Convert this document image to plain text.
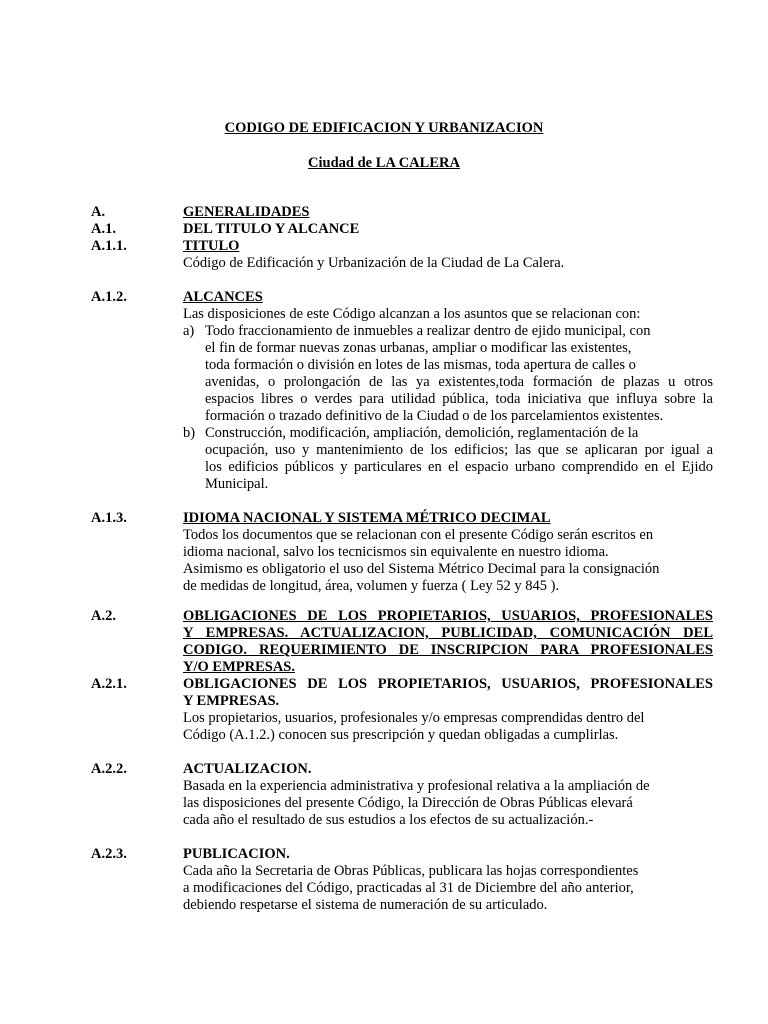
CODIGO DE EDIFICACION Y URBANIZACION
Ciudad de LA CALERA
A.	GENERALIDADES
A.1.	DEL TITULO Y ALCANCE
A.1.1.	TITULO
Código de Edificación y Urbanización de la Ciudad de La Calera.
A.1.2.	ALCANCES
Las disposiciones de este Código alcanzan a los asuntos que se relacionan con:
a) Todo fraccionamiento de inmuebles a realizar dentro de ejido municipal, con
el fin de formar nuevas zonas urbanas, ampliar o modificar las existentes,
toda formación o división en lotes de las mismas, toda apertura de calles o
avenidas, o prolongación de las ya existentes,toda formación de plazas u otros
espacios libres o verdes para utilidad pública, toda iniciativa que influya sobre la
formación o trazado definitivo de la Ciudad o de los parcelamientos existentes.
b) Construcción, modificación, ampliación, demolición, reglamentación de la
ocupación, uso y mantenimiento de los edificios; las que se aplicaran por igual a
los edificios públicos y particulares en el espacio urbano comprendido en el Ejido
Municipal.
A.1.3.	IDIOMA NACIONAL Y SISTEMA MÉTRICO DECIMAL
Todos los documentos que se relacionan con el presente Código serán escritos en
idioma nacional, salvo los tecnicismos sin equivalente en nuestro idioma.
Asimismo es obligatorio el uso del Sistema Métrico Decimal para la consignación
de medidas de longitud, área, volumen y fuerza ( Ley 52 y 845 ).
A.2.	OBLIGACIONES DE LOS PROPIETARIOS, USUARIOS, PROFESIONALES
Y EMPRESAS. ACTUALIZACION, PUBLICIDAD, COMUNICACIÓN DEL
CODIGO. REQUERIMIENTO DE INSCRIPCION PARA PROFESIONALES
Y/O EMPRESAS.
A.2.1.	OBLIGACIONES DE LOS PROPIETARIOS, USUARIOS, PROFESIONALES
Y EMPRESAS.
Los propietarios, usuarios, profesionales y/o empresas comprendidas dentro del
Código (A.1.2.) conocen sus prescripción y quedan obligadas a cumplirlas.
A.2.2.	ACTUALIZACION.
Basada en la experiencia administrativa y profesional relativa a la ampliación de
las disposiciones del presente Código, la Dirección de Obras Públicas elevará
cada año el resultado de sus estudios a los efectos de su actualización.-
A.2.3.	PUBLICACION.
Cada año la Secretaria de Obras Públicas, publicara las hojas correspondientes
a modificaciones del Código, practicadas al 31 de Diciembre del año anterior,
debiendo respetarse el sistema de numeración de su articulado.
